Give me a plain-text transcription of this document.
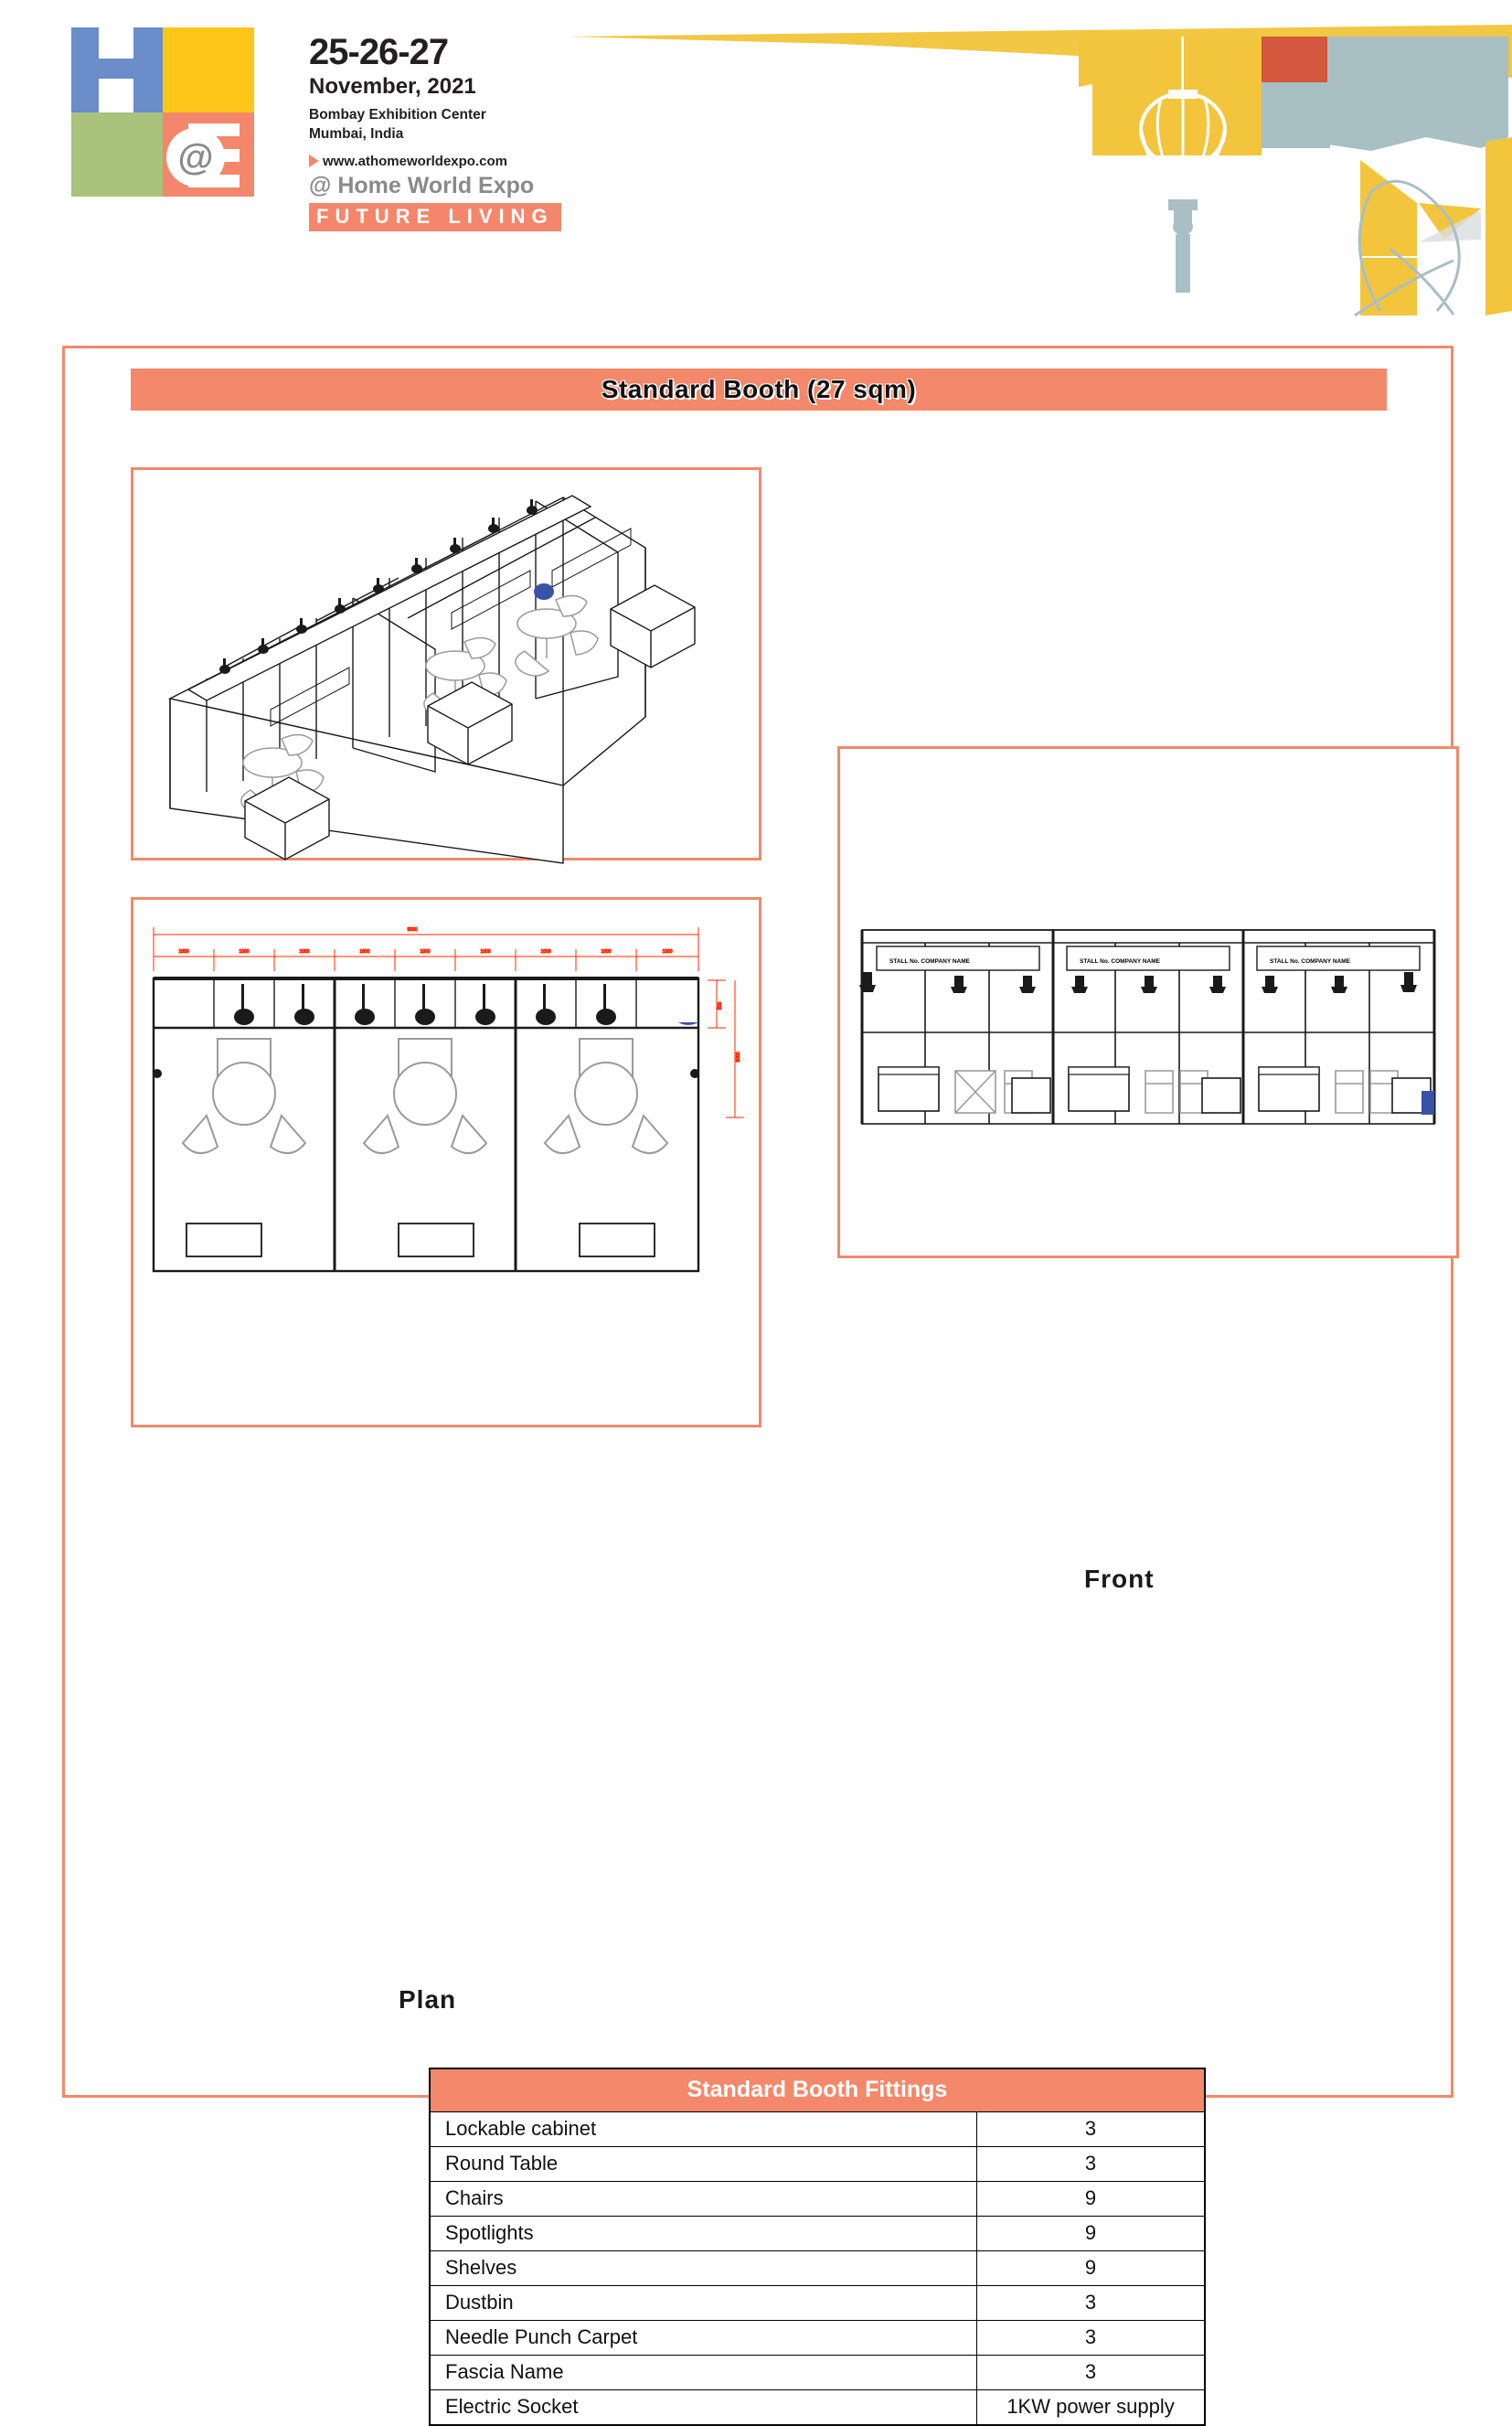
@
25-26-27
November, 2021
Bombay Exhibition Center
Mumbai, India
www.athomeworldexpo.com
@ Home World Expo
FUTURE LIVING
Standard Booth (27 sqm)
STALL No. COMPANY NAME	STALL No. COMPANY NAME	STALL No. COMPANY NAME
Front
9000
1000	1000	1000	1000	1000	1000	1000	1000	1000
500
3000
Plan
Standard Booth Fittings	
Lockable cabinet	3
Round Table	3
Chairs	9
Spotlights	9
Shelves	9
Dustbin	3
Needle Punch Carpet	3
Fascia Name	3
Electric Socket	1KW power supply
